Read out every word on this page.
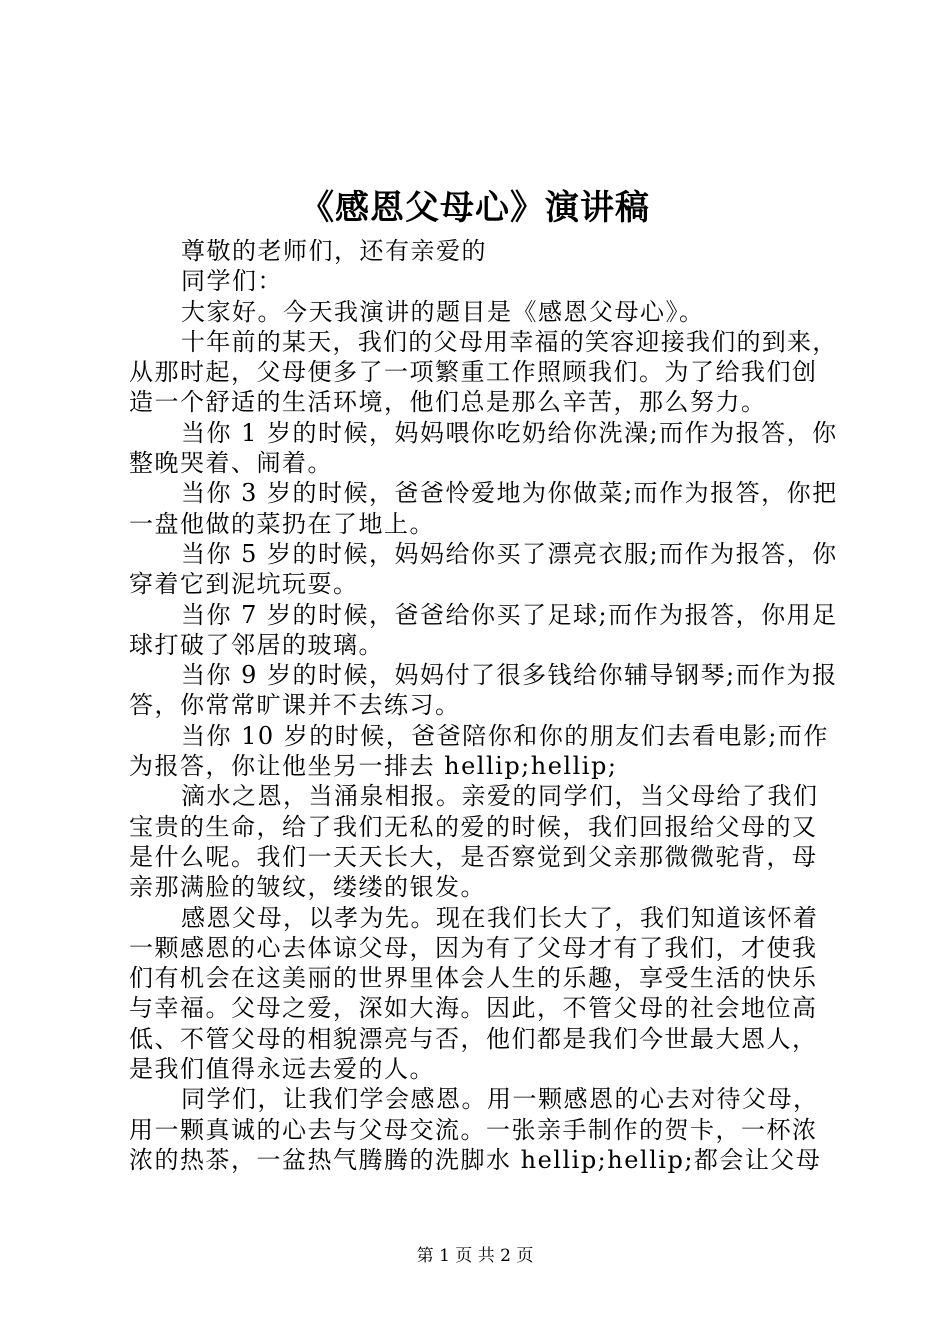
《感恩父母心》演讲稿
尊敬的老师们，还有亲爱的
同学们：
大家好。今天我演讲的题目是《感恩父母心》。
十年前的某天，我们的父母用幸福的笑容迎接我们的到来，
从那时起，父母便多了一项繁重工作照顾我们。为了给我们创
造一个舒适的生活环境，他们总是那么辛苦，那么努力。
当你 1 岁的时候，妈妈喂你吃奶给你洗澡;而作为报答，你
整晚哭着、闹着。
当你 3 岁的时候，爸爸怜爱地为你做菜;而作为报答，你把
一盘他做的菜扔在了地上。
当你 5 岁的时候，妈妈给你买了漂亮衣服;而作为报答，你
穿着它到泥坑玩耍。
当你 7 岁的时候，爸爸给你买了足球;而作为报答，你用足
球打破了邻居的玻璃。
当你 9 岁的时候，妈妈付了很多钱给你辅导钢琴;而作为报
答，你常常旷课并不去练习。
当你 10 岁的时候，爸爸陪你和你的朋友们去看电影;而作
为报答，你让他坐另一排去 hellip;hellip;
滴水之恩，当涌泉相报。亲爱的同学们，当父母给了我们
宝贵的生命，给了我们无私的爱的时候，我们回报给父母的又
是什么呢。我们一天天长大，是否察觉到父亲那微微驼背，母
亲那满脸的皱纹，缕缕的银发。
感恩父母，以孝为先。现在我们长大了，我们知道该怀着
一颗感恩的心去体谅父母，因为有了父母才有了我们，才使我
们有机会在这美丽的世界里体会人生的乐趣，享受生活的快乐
与幸福。父母之爱，深如大海。因此，不管父母的社会地位高
低、不管父母的相貌漂亮与否，他们都是我们今世最大恩人，
是我们值得永远去爱的人。
同学们，让我们学会感恩。用一颗感恩的心去对待父母，
用一颗真诚的心去与父母交流。一张亲手制作的贺卡，一杯浓
浓的热茶，一盆热气腾腾的洗脚水 hellip;hellip;都会让父母
第 1 页 共 2 页
